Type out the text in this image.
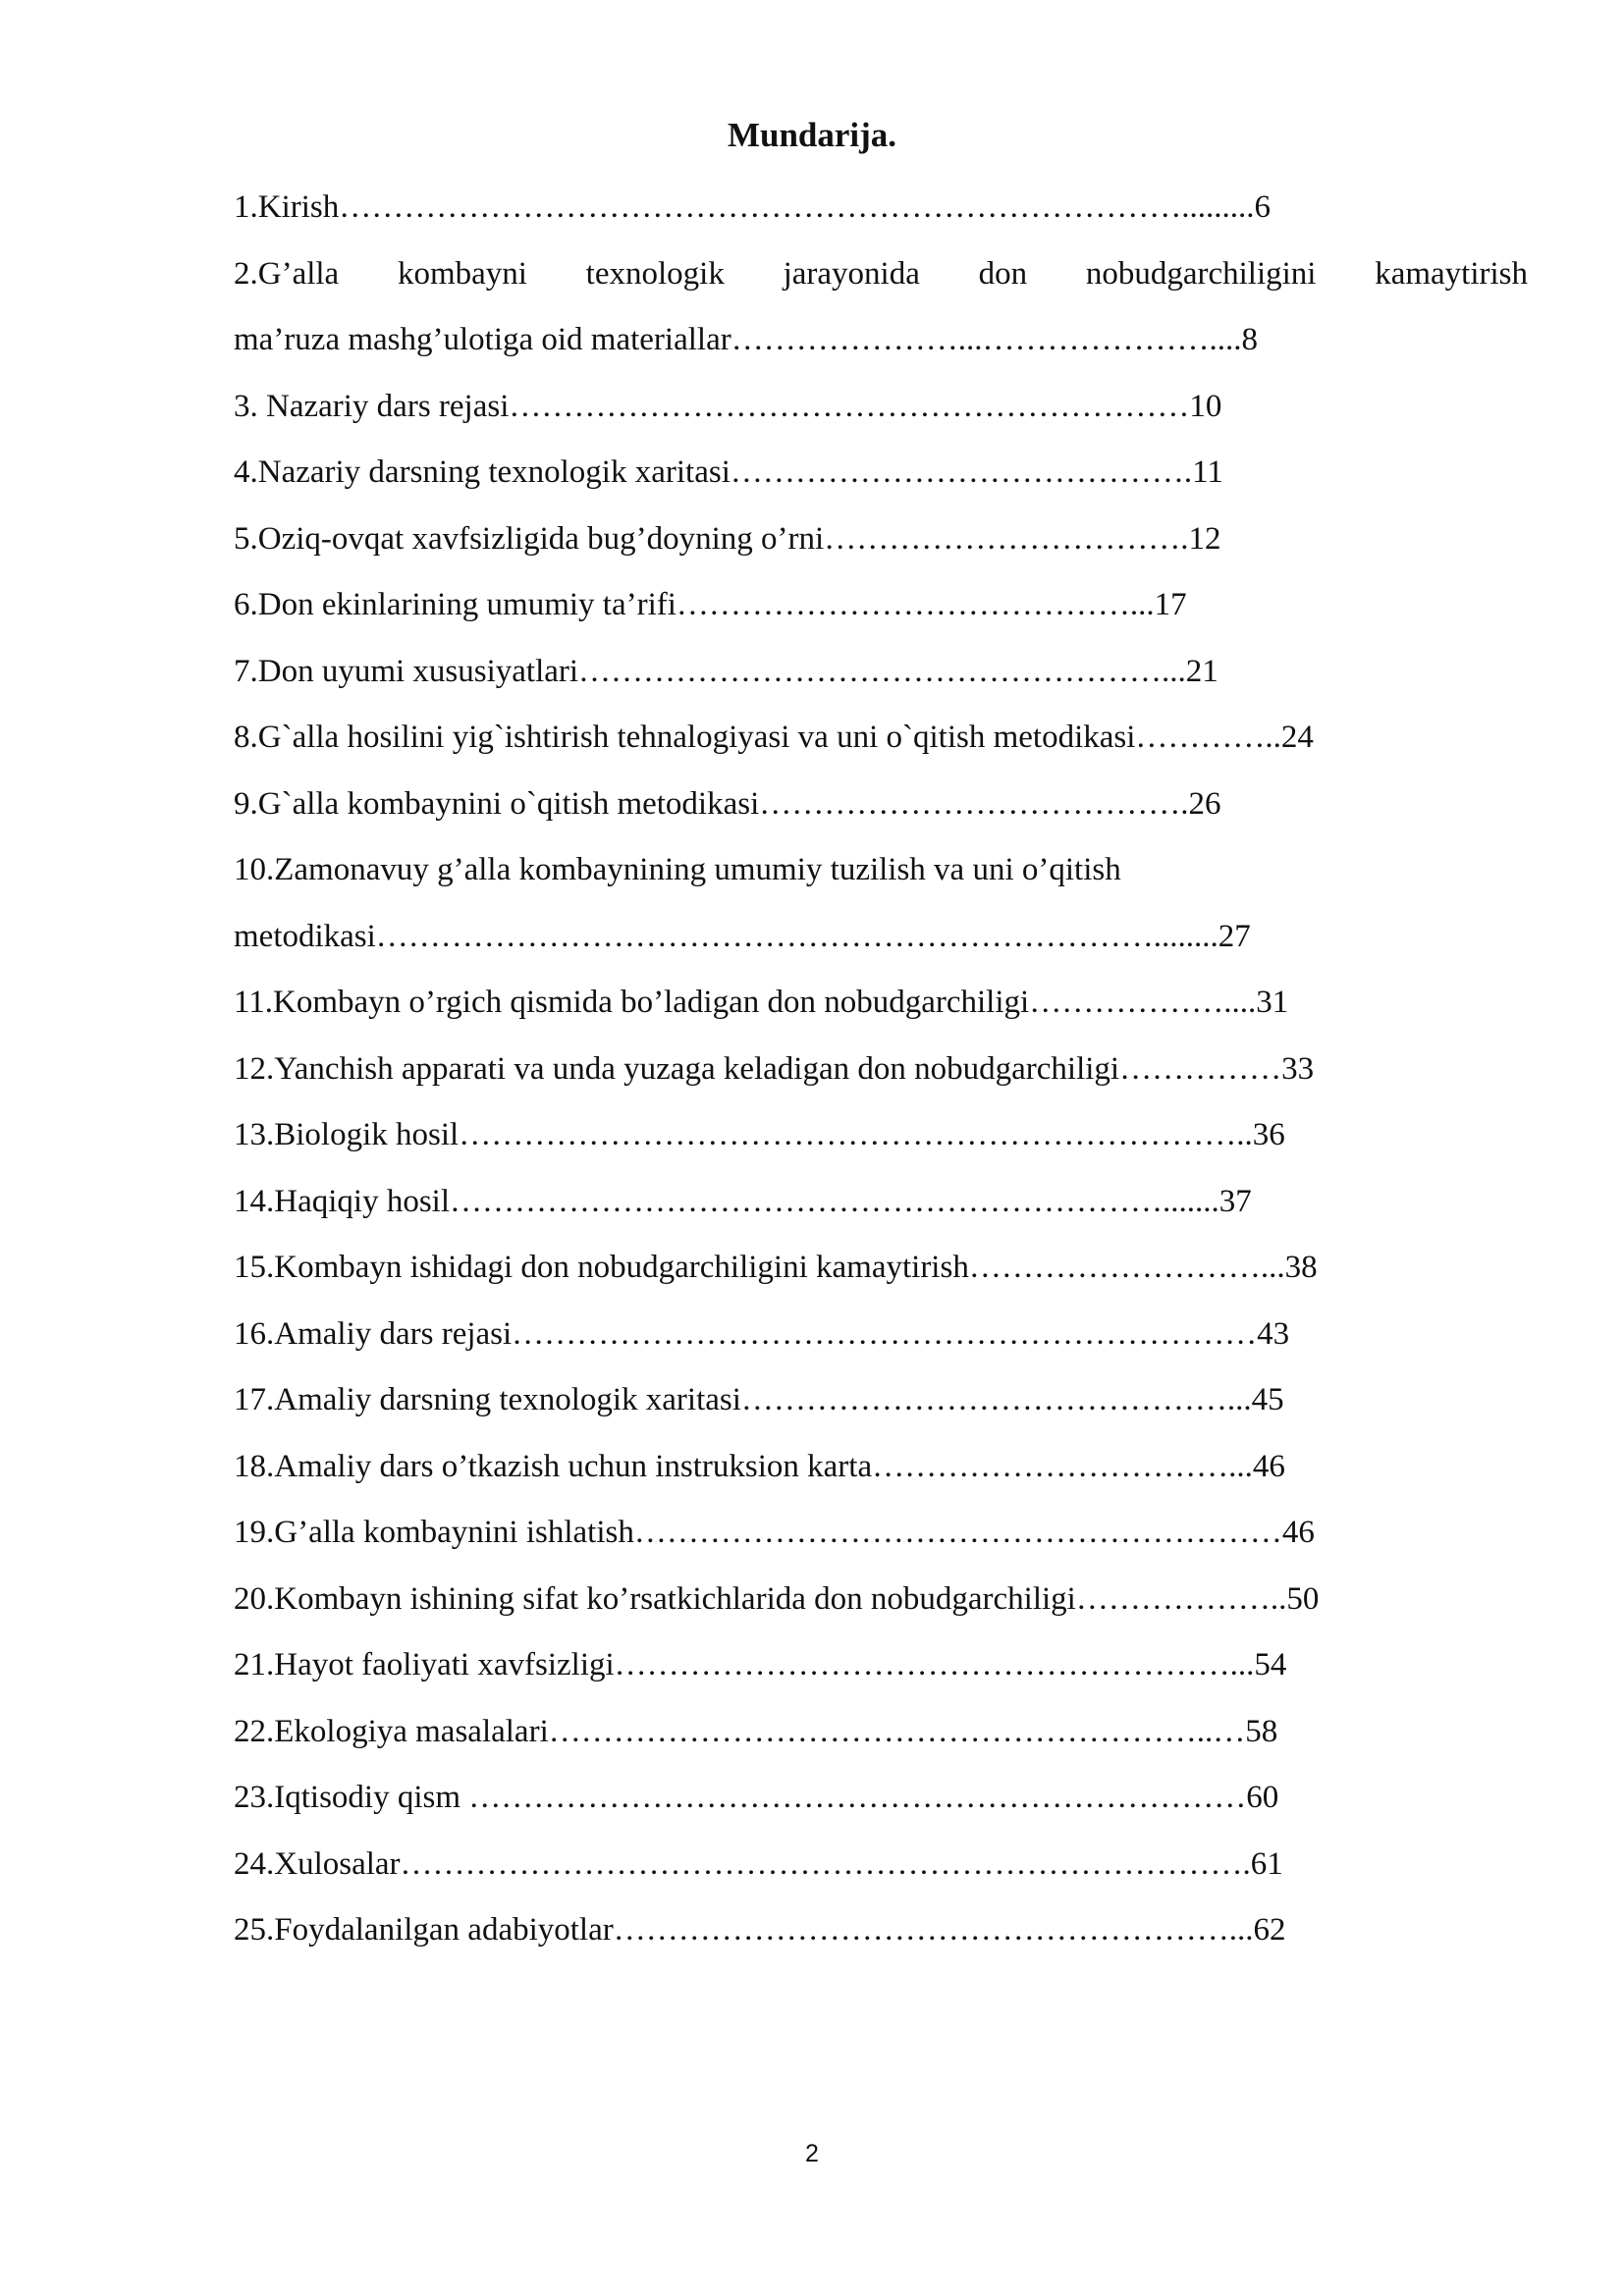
Mundarija.
1.Kirish…………………………………………………………………….........6
2.G’alla kombayni texnologik jarayonida don nobudgarchiligini kamaytirish
ma’ruza mashg’ulotiga oid materiallar…………………...…………………....8
3. Nazariy dars rejasi………………………………………………………10
4.Nazariy darsning texnologik xaritasi…………………………………….11
5.Oziq-ovqat xavfsizligida bug’doyning o’rni…………………………….12
6.Don ekinlarining umumiy ta’rifi……………………………………...17
7.Don uyumi xususiyatlari………………………………………………...21
8.G`alla hosilini yig`ishtirish tehnalogiyasi va uni o`qitish metodikasi…………..24
9.G`alla kombaynini o`qitish metodikasi………………………………….26
10.Zamonavuy g’alla kombaynining umumiy tuzilish va uni o’qitish
metodikasi………………………………………………………………........27
11.Kombayn o’rgich qismida bo’ladigan don nobudgarchiligi………………....31
12.Yanchish apparati va unda yuzaga keladigan don nobudgarchiligi……………33
13.Biologik hosil………………………………………………………………..36
14.Haqiqiy hosil………………………………………………………….......37
15.Kombayn ishidagi don nobudgarchiligini kamaytirish………………………...38
16.Amaliy dars rejasi……………………………………………………………43
17.Amaliy darsning texnologik xaritasi………………………………………...45
18.Amaliy dars o’tkazish uchun instruksion karta……………………………...46
19.G’alla kombaynini ishlatish……………………………………………………46
20.Kombayn ishining sifat ko’rsatkichlarida don nobudgarchiligi………………..50
21.Hayot faoliyati xavfsizligi…………………………………………………...54
22.Ekologiya masalalari……………………………………………………..…58
23.Iqtisodiy qism ………………………………………………………………60
24.Xulosalar…………………………………………………………………….61
25.Foydalanilgan adabiyotlar…………………………………………………...62
2
